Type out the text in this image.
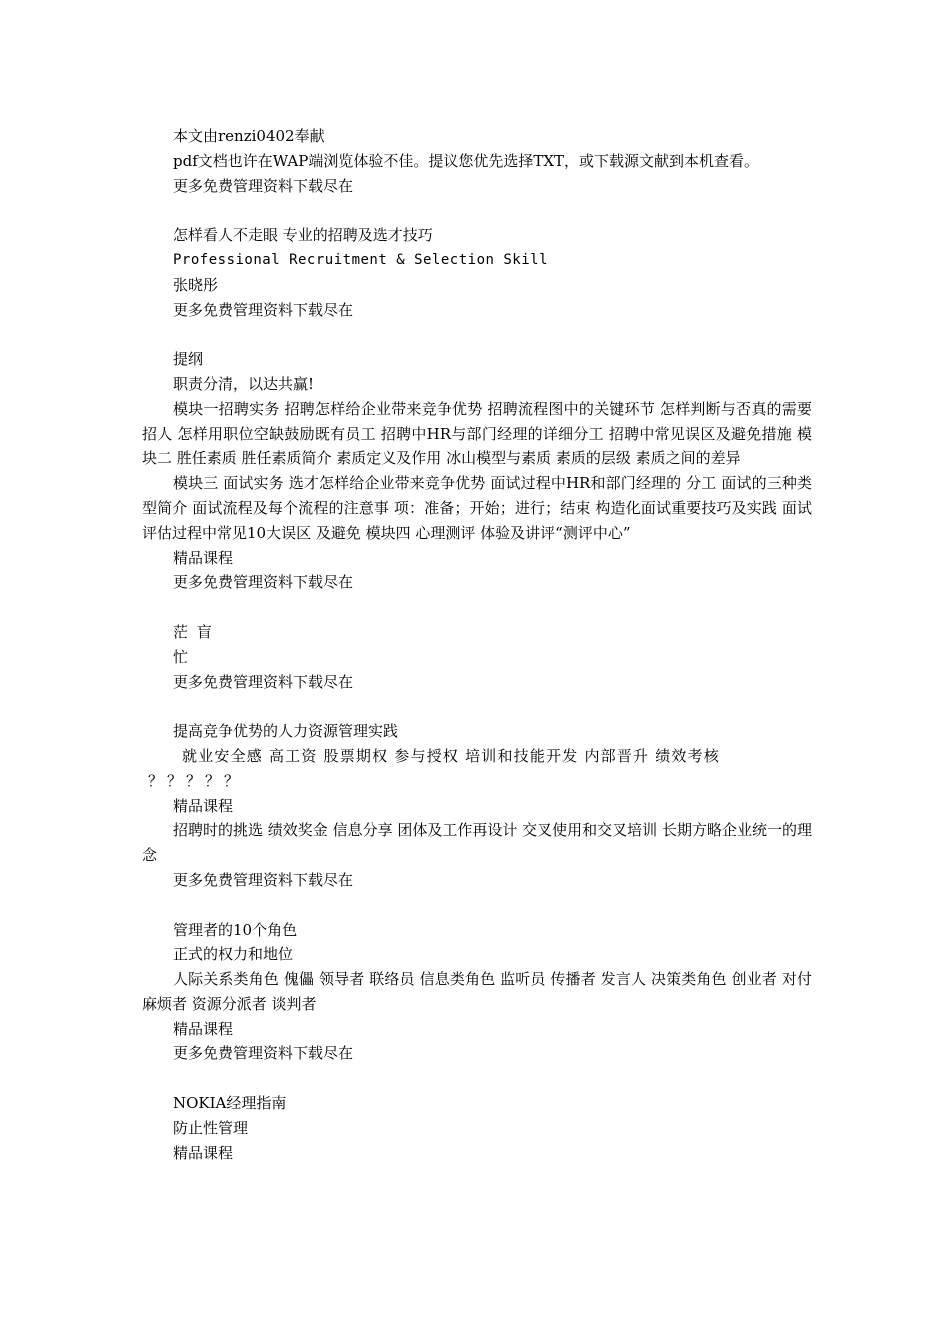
本文由renzi0402奉献

pdf文档也许在WAP端浏览体验不佳。提议您优先选择TXT，或下载源文献到本机查看。

更多免费管理资料下载尽在

怎样看人不走眼 专业的招聘及选才技巧

Professional Recruitment & Selection Skill

张晓彤

更多免费管理资料下载尽在

提纲

职责分清，以达共赢!

模块一招聘实务 招聘怎样给企业带来竞争优势 招聘流程图中的关键环节 怎样判断与否真的需要招人 怎样用职位空缺鼓励既有员工 招聘中HR与部门经理的详细分工 招聘中常见误区及避免措施 模块二 胜任素质 胜任素质简介 素质定义及作用 冰山模型与素质 素质的层级 素质之间的差异

模块三 面试实务 选才怎样给企业带来竞争优势 面试过程中HR和部门经理的 分工 面试的三种类型简介 面试流程及每个流程的注意事 项：准备；开始；进行；结束 构造化面试重要技巧及实践 面试评估过程中常见10大误区 及避免 模块四 心理测评 体验及讲评“测评中心”

精品课程

更多免费管理资料下载尽在

茫 盲

忙

更多免费管理资料下载尽在

提高竞争优势的人力资源管理实践

就业安全感 高工资 股票期权 参与授权 培训和技能开发 内部晋升 绩效考核

？？？？？

精品课程

招聘时的挑选 绩效奖金 信息分享 团体及工作再设计 交叉使用和交叉培训 长期方略企业统一的理念

更多免费管理资料下载尽在

管理者的10个角色

正式的权力和地位

人际关系类角色 傀儡 领导者 联络员 信息类角色 监听员 传播者 发言人 决策类角色 创业者 对付麻烦者 资源分派者 谈判者

精品课程

更多免费管理资料下载尽在

NOKIA经理指南

防止性管理

精品课程
